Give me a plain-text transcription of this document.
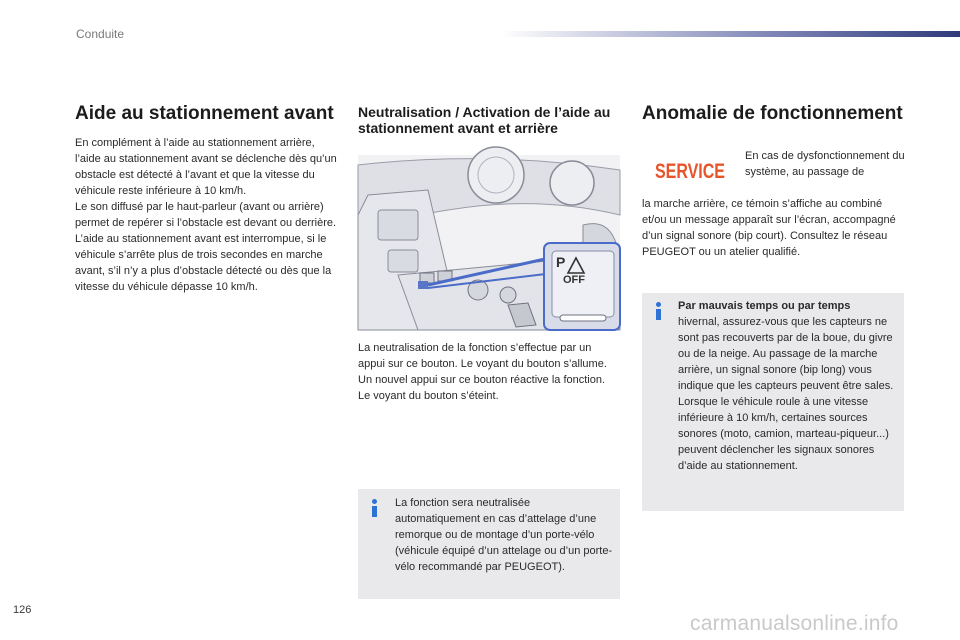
Conduite
Aide au stationnement avant

En complément à l’aide au stationnement arrière, l’aide au stationnement avant se déclenche dès qu’un obstacle est détecté à l’avant et que la vitesse du véhicule reste inférieure à 10 km/h.

Le son diffusé par le haut-parleur (avant ou arrière) permet de repérer si l’obstacle est devant ou derrière.

L’aide au stationnement avant est interrompue, si le véhicule s’arrête plus de trois secondes en marche avant, s’il n’y a plus d’obstacle détecté ou dès que la vitesse du véhicule dépasse 10 km/h.

Neutralisation / Activation de l’aide au stationnement avant et arrière
P
OFF

La neutralisation de la fonction s’effectue par un appui sur ce bouton. Le voyant du bouton s’allume.

Un nouvel appui sur ce bouton réactive la fonction. Le voyant du bouton s’éteint.

La fonction sera neutralisée automatiquement en cas d’attelage d’une remorque ou de montage d’un porte-vélo (véhicule équipé d’un attelage ou d’un porte-vélo recommandé par PEUGEOT).
Anomalie de fonctionnement
SERVICE
En cas de dysfonctionnement du système, au passage de
la marche arrière, ce témoin s’affiche au combiné et/ou un message apparaît sur l’écran, accompagné d’un signal sonore (bip court). Consultez le réseau PEUGEOT ou un atelier qualifié.
Par mauvais temps ou par temps
hivernal, assurez-vous que les capteurs ne sont pas recouverts par de la boue, du givre ou de la neige. Au passage de la marche arrière, un signal sonore (bip long) vous indique que les capteurs peuvent être sales.
Lorsque le véhicule roule à une vitesse inférieure à 10 km/h, certaines sources sonores (moto, camion, marteau-piqueur...) peuvent déclencher les signaux sonores d’aide au stationnement.
126
carmanualsonline.info
